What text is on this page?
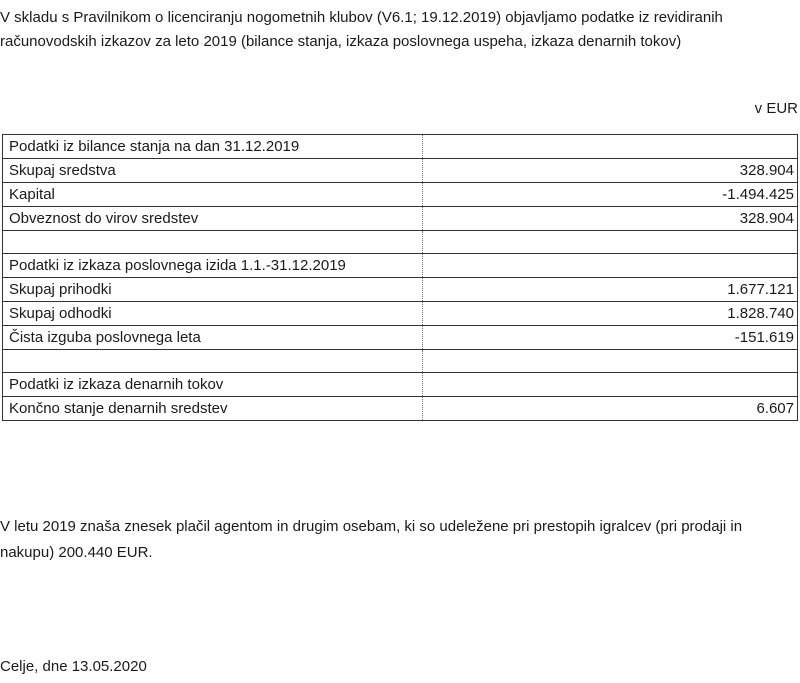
V skladu s Pravilnikom o licenciranju nogometnih klubov (V6.1; 19.12.2019) objavljamo podatke iz revidiranih računovodskih izkazov za leto 2019 (bilance stanja, izkaza poslovnega uspeha, izkaza denarnih tokov)

v EUR
Podatki iz bilance stanja na dan 31.12.2019	
Skupaj sredstva	328.904
Kapital	-1.494.425
Obveznost do virov sredstev	328.904

Podatki iz izkaza poslovnega izida 1.1.-31.12.2019	
Skupaj prihodki	1.677.121
Skupaj odhodki	1.828.740
Čista izguba poslovnega leta	-151.619

Podatki iz izkaza denarnih tokov	
Končno stanje denarnih sredstev	6.607

V letu 2019 znaša znesek plačil agentom in drugim osebam, ki so udeležene pri prestopih igralcev (pri prodaji in nakupu) 200.440 EUR.

Celje, dne 13.05.2020
